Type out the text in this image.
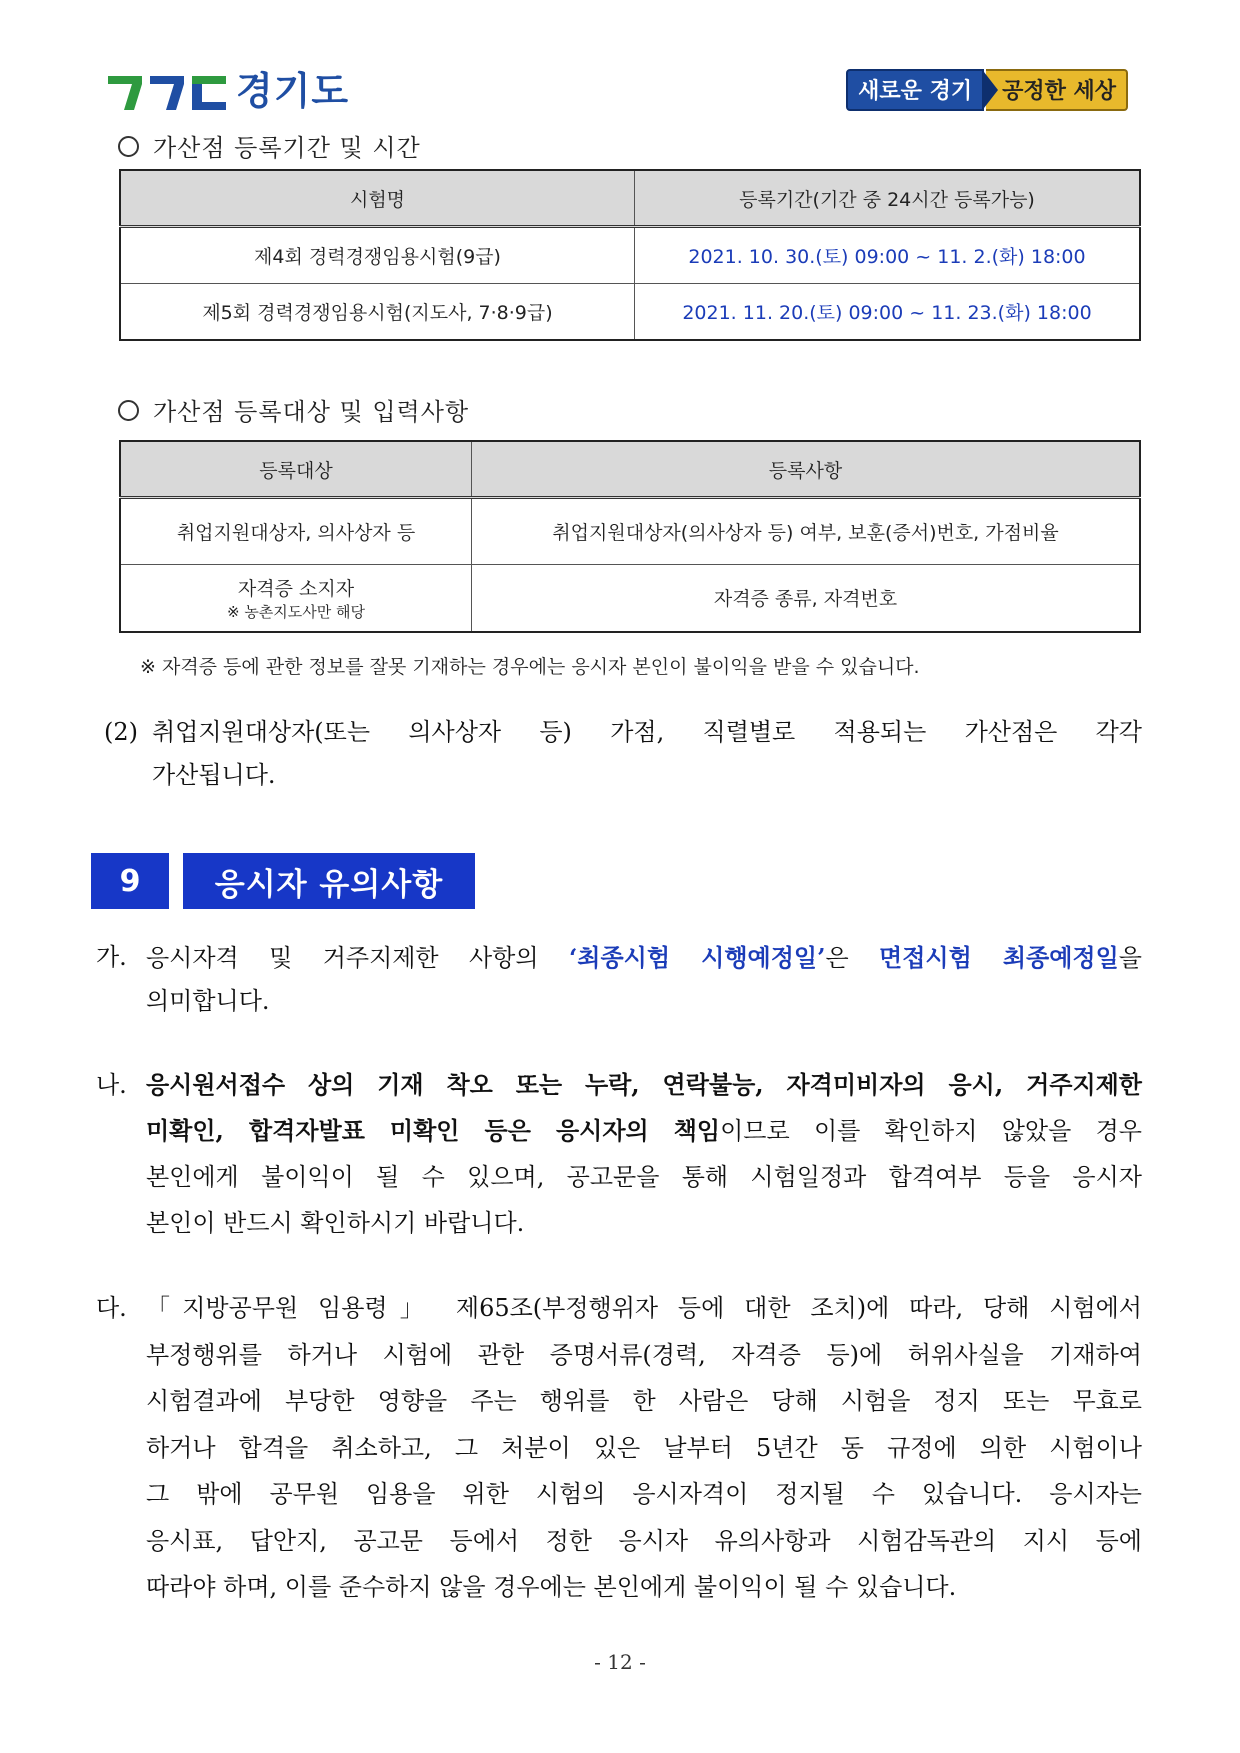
경기도	새로운 경기	공정한 세상
가산점 등록기간 및 시간
시험명	등록기간(기간 중 24시간 등록가능)
제4회 경력경쟁임용시험(9급)	2021. 10. 30.(토) 09:00 ~ 11. 2.(화) 18:00
제5회 경력경쟁임용시험(지도사, 7·8·9급)	2021. 11. 20.(토) 09:00 ~ 11. 23.(화) 18:00
가산점 등록대상 및 입력사항
등록대상	등록사항
취업지원대상자, 의사상자 등	취업지원대상자(의사상자 등) 여부, 보훈(증서)번호, 가점비율

자격증 소지자
※ 농촌지도사만 해당	자격증 종류, 자격번호
※ 자격증 등에 관한 정보를 잘못 기재하는 경우에는 응시자 본인이 불이익을 받을 수 있습니다.
(2) 취업지원대상자(또는 의사상자 등) 가점, 직렬별로 적용되는 가산점은 각각
가산됩니다.
9	응시자 유의사항
가. 응시자격 및 거주지제한 사항의 ‘최종시험 시행예정일’은 면접시험 최종예정일을
의미합니다.
나. 응시원서접수 상의 기재 착오 또는 누락, 연락불능, 자격미비자의 응시, 거주지제한
미확인, 합격자발표 미확인 등은 응시자의 책임이므로 이를 확인하지 않았을 경우
본인에게 불이익이 될 수 있으며, 공고문을 통해 시험일정과 합격여부 등을 응시자
본인이 반드시 확인하시기 바랍니다.
다. 「지방공무원 임용령」 제65조(부정행위자 등에 대한 조치)에 따라, 당해 시험에서
부정행위를 하거나 시험에 관한 증명서류(경력, 자격증 등)에 허위사실을 기재하여
시험결과에 부당한 영향을 주는 행위를 한 사람은 당해 시험을 정지 또는 무효로
하거나 합격을 취소하고, 그 처분이 있은 날부터 5년간 동 규정에 의한 시험이나
그 밖에 공무원 임용을 위한 시험의 응시자격이 정지될 수 있습니다. 응시자는
응시표, 답안지, 공고문 등에서 정한 응시자 유의사항과 시험감독관의 지시 등에
따라야 하며, 이를 준수하지 않을 경우에는 본인에게 불이익이 될 수 있습니다.
- 12 -
